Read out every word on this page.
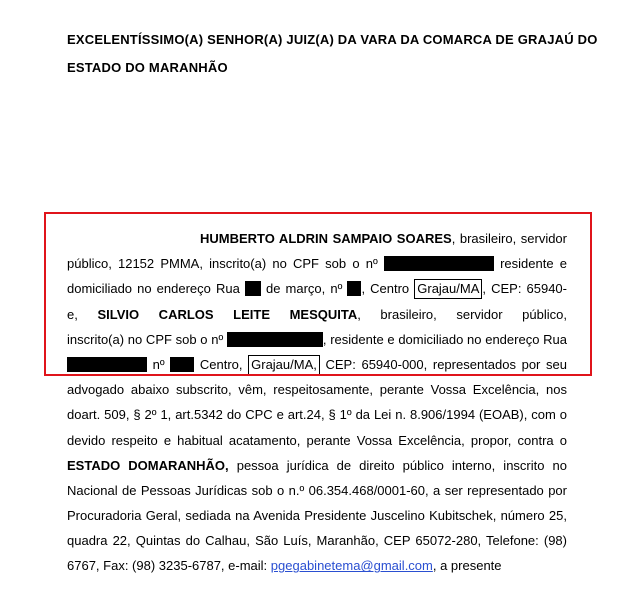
EXCELENTÍSSIMO(A) SENHOR(A) JUIZ(A) DA VARA DA COMARCA DE GRAJAÚ DO
ESTADO DO MARANHÃO
HUMBERTO ALDRIN SAMPAIO SOARES, brasileiro, servidor
público, 12152 PMMA, inscrito(a) no CPF sob o nº	residente e
domiciliado no endereço Rua de março, nº , Centro Grajau/MA , CEP: 65940-
e, SILVIO CARLOS LEITE MESQUITA, brasileiro, servidor público,
inscrito(a) no CPF sob o nº	, residente e domiciliado no endereço Rua
nº	Centro, Grajau/MA, CEP: 65940-000, representados por seu
advogado abaixo subscrito, vêm, respeitosamente, perante Vossa Excelência, nos
doart. 509, § 2º 1, art.5342 do CPC e art.24, § 1º da Lei n. 8.906/1994 (EOAB), com o
devido respeito e habitual acatamento, perante Vossa Excelência, propor, contra o
ESTADO DOMARANHÃO, pessoa jurídica de direito público interno, inscrito no
Nacional de Pessoas Jurídicas sob o n.º 06.354.468/0001-60, a ser representado por
Procuradoria Geral, sediada na Avenida Presidente Juscelino Kubitschek, número 25,
quadra 22, Quintas do Calhau, São Luís, Maranhão, CEP 65072-280, Telefone: (98)
6767, Fax: (98) 3235-6787, e-mail: pgegabinetema@gmail.com, a presente
